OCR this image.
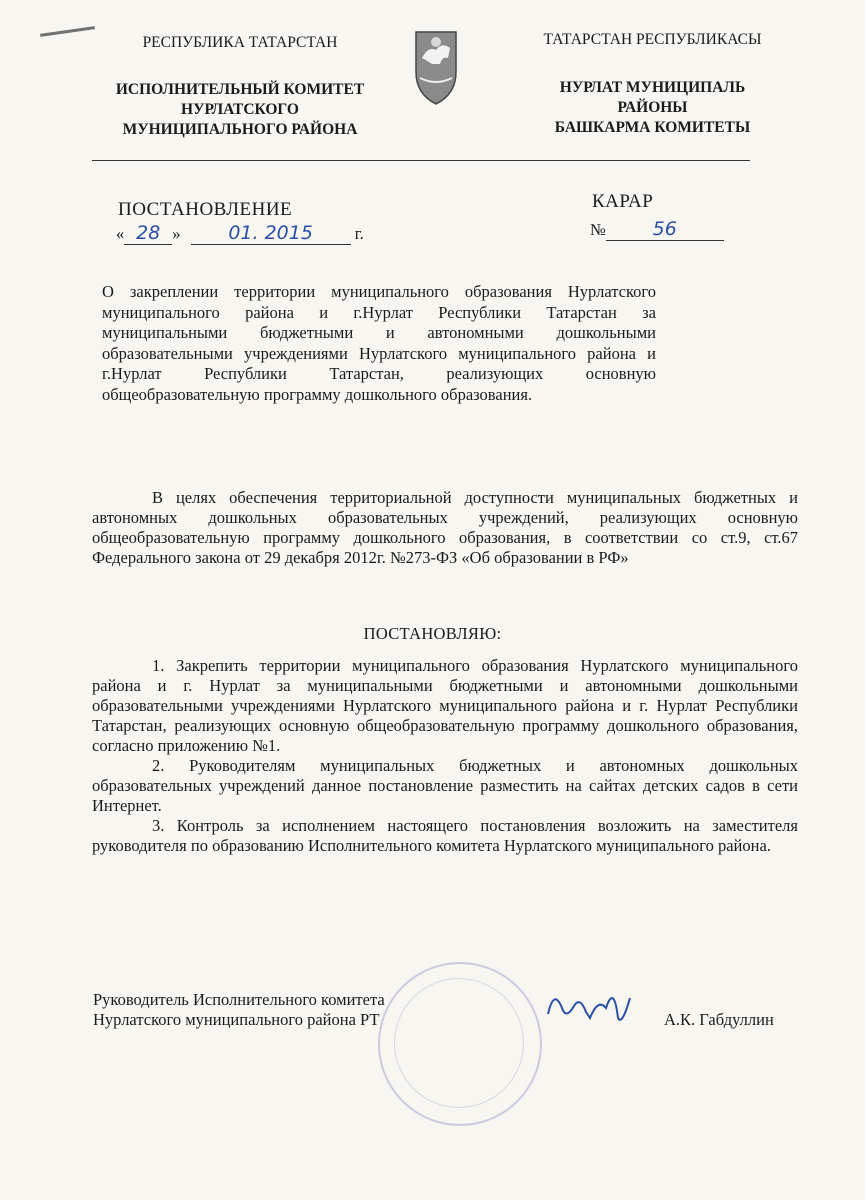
РЕСПУБЛИКА ТАТАРСТАН
ИСПОЛНИТЕЛЬНЫЙ КОМИТЕТ
НУРЛАТСКОГО
МУНИЦИПАЛЬНОГО РАЙОНА
ТАТАРСТАН РЕСПУБЛИКАСЫ
НУРЛАТ МУНИЦИПАЛЬ
РАЙОНЫ
БАШКАРМА КОМИТЕТЫ
ПОСТАНОВЛЕНИЕ
« 28 »	01. 2015	г.
КАРАР
№ 56
О закреплении территории муниципального образования Нурлатского муниципального района и г.Нурлат Республики Татарстан за муниципальными бюджетными и автономными дошкольными образовательными учреждениями Нурлатского муниципального района и г.Нурлат Республики Татарстан, реализующих основную общеобразовательную программу дошкольного образования.

В целях обеспечения территориальной доступности муниципальных бюджетных и автономных дошкольных образовательных учреждений, реализующих основную общеобразовательную программу дошкольного образования, в соответствии со ст.9, ст.67 Федерального закона от 29 декабря 2012г. №273-ФЗ «Об образовании в РФ»

ПОСТАНОВЛЯЮ:

1. Закрепить территории муниципального образования Нурлатского муниципального района и г. Нурлат за муниципальными бюджетными и автономными дошкольными образовательными учреждениями Нурлатского муниципального района и г. Нурлат Республики Татарстан, реализующих основную общеобразовательную программу дошкольного образования, согласно приложению №1.

2. Руководителям муниципальных бюджетных и автономных дошкольных образовательных учреждений данное постановление разместить на сайтах детских садов в сети Интернет.

3. Контроль за исполнением настоящего постановления возложить на заместителя руководителя по образованию Исполнительного комитета Нурлатского муниципального района.

Руководитель Исполнительного комитета
Нурлатского муниципального района РТ	А.К. Габдуллин
